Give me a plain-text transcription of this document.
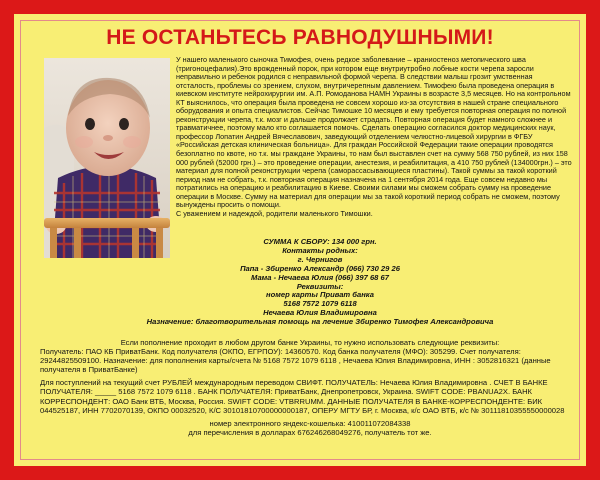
НЕ ОСТАНЬТЕСЬ РАВНОДУШНЫМИ!

У нашего маленького сыночка Тимофея, очень редкое заболевание – краниостеноз метопического шва (тригоноцефалия).Это врожденный порок, при котором еще внутриутробно лобные кости черепа заросли неправильно и ребенок родился с неправильной формой черепа. В следствии малыш грозит умственная отсталость, проблемы со зрением, слухом, внутричерепным давлением. Тимофею была проведена операция в киевском институте нейрохирургии им. А.П. Ромоданова НАМН Украины в возрасте 3,5 месяцев. Но на контрольном КТ выяснилось, что операция была проведена не совсем хорошо из-за отсутствия в нашей стране специального оборудования и опыта специалистов. Сейчас Тимошке 10 месяцев и ему требуется повторная операция по полной реконструкции черепа, т.к. мозг и дальше продолжает страдать. Повторная операция будет намного сложнее и травматичнее, поэтому мало кто соглашается помочь. Сделать операцию согласился доктор медицинских наук, профессор Лопатин Андрей Вячеславович, заведующий отделением челюстно-лицевой хирургии в ФГБУ «Российская детская клиническая больница». Для граждан Российской Федерации такие операции проводятся безоплатно по квоте, но т.к. мы граждане Украины, то нам был выставлен счет на сумму 568 750 рублей, из них 158 000 рублей (52000 грн.) – это проведение операции, анестезия, и реабилитация, а 410 750 рублей (134000грн.) – это материал для полной реконструкции черепа (самораcсасывающиеся пластины). Такой суммы за такой короткий период нам не собрать, т.к. повторная операция назначена на 1 сентября 2014 года. Еще совсем недавно мы потратились на операцию и реабилитацию в Киеве. Своими силами мы сможем собрать сумму на проведение операции в Москве. Сумму на материал для операции мы за такой короткий период собрать не сможем, поэтому вынуждены просить о помощи.
С уважением и надеждой, родители маленького Тимошки.

СУММА К СБОРУ: 134 000 грн.
Контакты родных:
г. Чернигов
Папа - Збиренко Александр (066) 730 29 26
Мама - Нечаева Юлия (066) 397 68 67
Реквизиты:
номер карты Приват банка
5168 7572 1079 6118
Нечаева Юлия Владимировна
Назначение: благотворительная помощь на лечение Збиренко Тимофея Александровича

Если пополнение проходит в любом другом банке Украины, то нужно использовать следующие реквизиты:

Получатель: ПАО КБ ПриватБанк. Код получателя (ОКПО, ЕГРПОУ): 14360570. Код банка получателя (МФО): 305299. Счет получателя: 29244825509100. Назначение: для пополнения карты/счета № 5168 7572 1079 6118 , Нечаева Юлия Владимировна, ИНН : 3052816321 (данные получателя в ПриватБанке)

Для поступлений на текущий счет РУБЛЕЙ международным переводом СВИФТ. ПОЛУЧАТЕЛЬ: Нечаева Юлия Владимировна . СЧЕТ В БАНКЕ ПОЛУЧАТЕЛЯ: _____ 5168 7572 1079 6118 . БАНК ПОЛУЧАТЕЛЯ: ПриватБанк, Днепропетровск, Украина. SWIFT CODE: PBANUA2X. БАНК КОРРЕСПОНДЕНТ: ОАО Банк ВТБ, Москва, Россия. SWIFT CODE: VTBRRUMM. ДАННЫЕ ПОЛУЧАТЕЛЯ В БАНКЕ-КОРРЕСПОНДЕНТЕ: БИК 044525187, ИНН 7702070139, ОКПО 00032520, К/С 30101810700000000187, ОПЕРУ МГТУ БР, г. Москва, к/с ОАО ВТБ, к/с № 30111810355550000028

номер электронного яндекс-кошелька: 410011072084338

для перечисления в долларах 676246268049276, получатель тот же.
